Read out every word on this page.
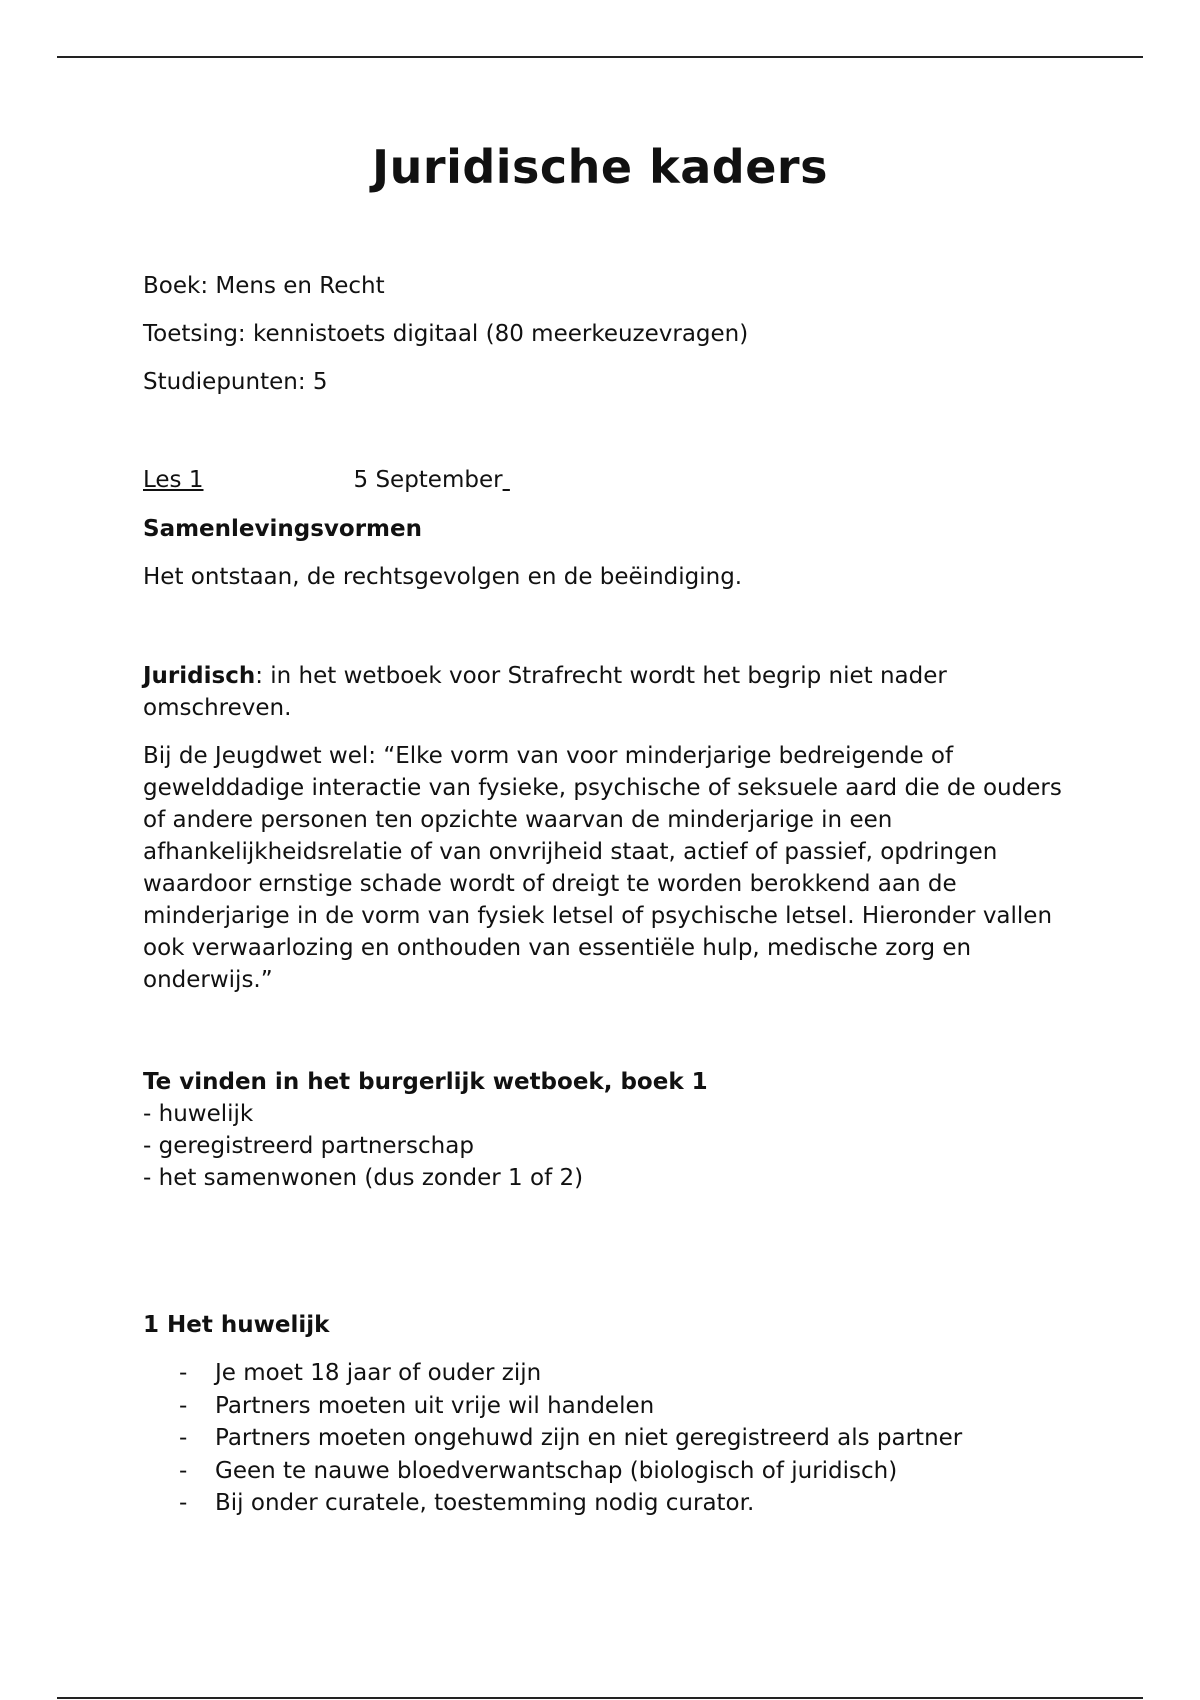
Juridische kaders

Boek: Mens en Recht

Toetsing: kennistoets digitaal (80 meerkeuzevragen)

Studiepunten: 5

Les 1	5 September

Samenlevingsvormen

Het ontstaan, de rechtsgevolgen en de beëindiging.

Juridisch: in het wetboek voor Strafrecht wordt het begrip niet nader omschreven.

Bij de Jeugdwet wel: “Elke vorm van voor minderjarige bedreigende of gewelddadige interactie van fysieke, psychische of seksuele aard die de ouders of andere personen ten opzichte waarvan de minderjarige in een afhankelijkheidsrelatie of van onvrijheid staat, actief of passief, opdringen waardoor ernstige schade wordt of dreigt te worden berokkend aan de minderjarige in de vorm van fysiek letsel of psychische letsel. Hieronder vallen ook verwaarlozing en onthouden van essentiële hulp, medische zorg en onderwijs.”

Te vinden in het burgerlijk wetboek, boek 1

- huwelijk

- geregistreerd partnerschap

- het samenwonen (dus zonder 1 of 2)

1 Het huwelijk

- Je moet 18 jaar of ouder zijn
- Partners moeten uit vrije wil handelen
- Partners moeten ongehuwd zijn en niet geregistreerd als partner
- Geen te nauwe bloedverwantschap (biologisch of juridisch)
- Bij onder curatele, toestemming nodig curator.
